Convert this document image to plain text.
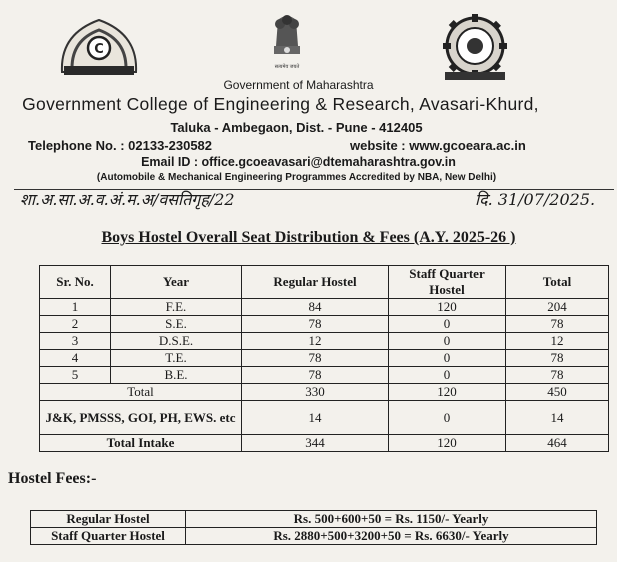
C
सत्यमेव जयते
Government of Maharashtra
Government College of Engineering & Research, Avasari-Khurd,
Taluka - Ambegaon, Dist. - Pune - 412405
Telephone No. : 02133-230582	website : www.gcoeara.ac.in
Email ID : office.gcoeavasari@dtemaharashtra.gov.in
(Automobile & Mechanical Engineering Programmes Accredited by NBA, New Delhi)
शा.अ.सा.अ.व.अं.म.अ/वसतिगृह/22	दि. 31/07/2025.
Boys Hostel Overall Seat Distribution & Fees (A.Y. 2025-26 )
Sr. No.	Year	Regular Hostel	Staff Quarter Hostel	Total
1	F.E.	84	120	204
2	S.E.	78	0	78
3	D.S.E.	12	0	12
4	T.E.	78	0	78
5	B.E.	78	0	78
Total		330	120	450
J&K, PMSSS, GOI, PH, EWS. etc		14	0	14
Total Intake		344	120	464
Hostel Fees:-
Regular Hostel	Rs. 500+600+50 = Rs. 1150/- Yearly
Staff Quarter Hostel	Rs. 2880+500+3200+50 = Rs. 6630/- Yearly
